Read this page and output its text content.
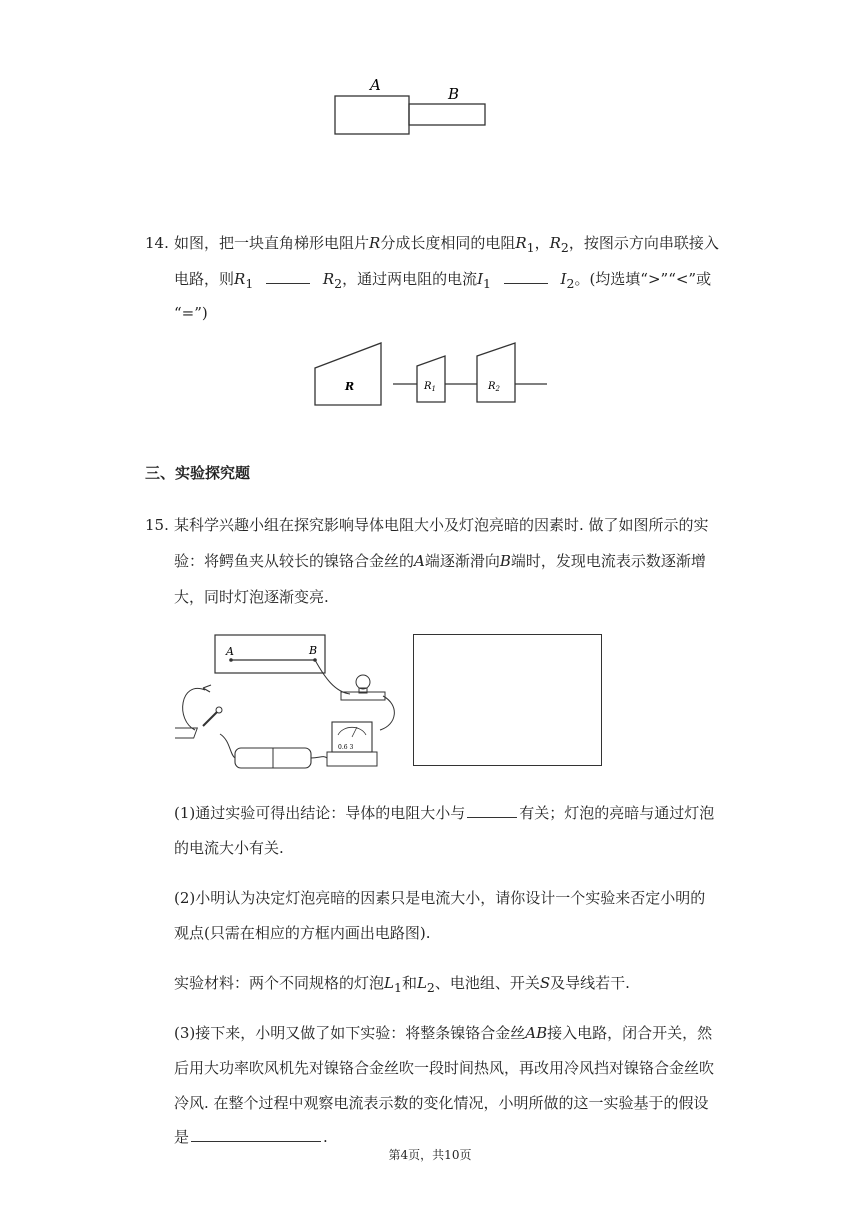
A	B
14. 如图，把一块直角梯形电阻片R分成长度相同的电阻$R_1$，$R_2$，按图示方向串联接入
电路，则$R_1$	$R_2$，通过两电阻的电流$I_1$	$I_2$。(均选填“>”“<”或
“=”)
R	$R_1$	$R_2$
三、实验探究题
15. 某科学兴趣小组在探究影响导体电阻大小及灯泡亮暗的因素时. 做了如图所示的实
验：将鳄鱼夹从较长的镍铬合金丝的A端逐渐滑向B端时，发现电流表示数逐渐增
大，同时灯泡逐渐变亮.
A	B
0.6 3
(1)通过实验可得出结论：导体的电阻大小与	有关；灯泡的亮暗与通过灯泡
的电流大小有关.
(2)小明认为决定灯泡亮暗的因素只是电流大小，请你设计一个实验来否定小明的
观点(只需在相应的方框内画出电路图).
实验材料：两个不同规格的灯泡$L_1$和$L_2$、电池组、开关S及导线若干.
(3)接下来，小明又做了如下实验：将整条镍铬合金丝AB接入电路，闭合开关，然
后用大功率吹风机先对镍铬合金丝吹一段时间热风，再改用冷风挡对镍铬合金丝吹
冷风. 在整个过程中观察电流表示数的变化情况，小明所做的这一实验基于的假设
是	.
第4页，共10页
